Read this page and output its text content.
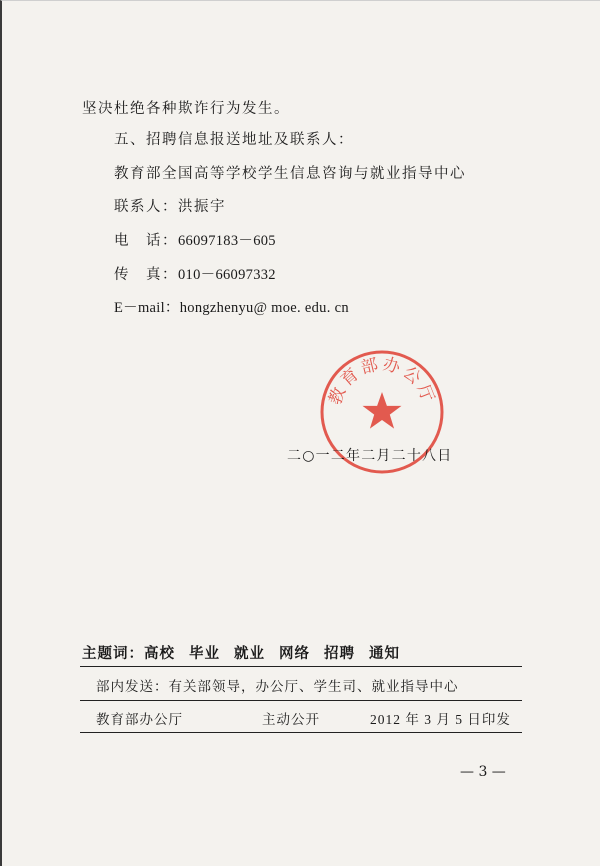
坚决杜绝各种欺诈行为发生。
五、招聘信息报送地址及联系人：
教育部全国高等学校学生信息咨询与就业指导中心
联系人：洪振宇
电　话：66097183－605
传　真：010－66097332
E－mail：hongzhenyu@ moe. edu. cn
教育部办公厅
二○一二年二月二十八日
主题词：高校 毕业 就业 网络 招聘 通知
部内发送：有关部领导，办公厅、学生司、就业指导中心
教育部办公厅	主动公开	2012 年 3 月 5 日印发
— 3 —
